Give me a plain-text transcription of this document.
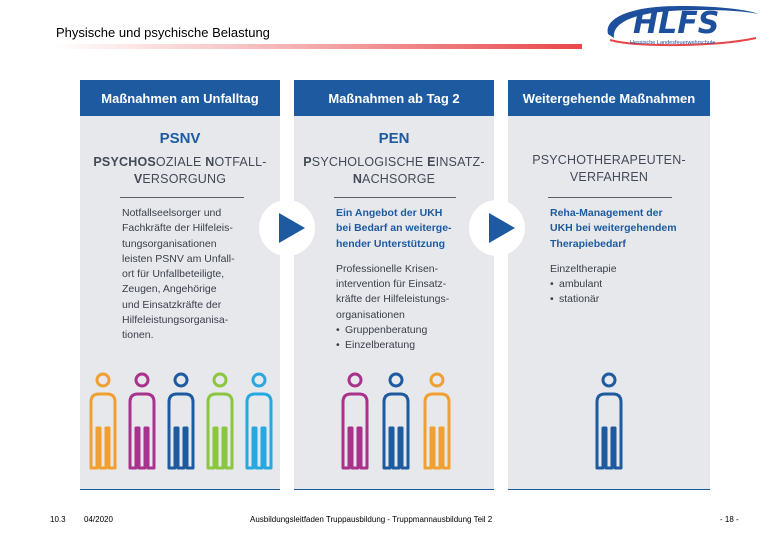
Physische und psychische Belastung	HLFS
Hessische Landesfeuerwehrschule
Maßnahmen am Unfalltag
PSNV
PSYCHOSOZIALE NOTFALL-
VERSORGUNG
Notfallseelsorger und
Fachkräfte der Hilfeleis-
tungsorganisationen
leisten PSNV am Unfall-
ort für Unfallbeteiligte,
Zeugen, Angehörige
und Einsatzkräfte der
Hilfeleistungsorganisa-
tionen.
Maßnahmen ab Tag 2
PEN
PSYCHOLOGISCHE EINSATZ-
NACHSORGE
Ein Angebot der UKH
bei Bedarf an weiterge-
hender Unterstützung
Professionelle Krisen-
intervention für Einsatz-
kräfte der Hilfeleistungs-
organisationen
• Gruppenberatung
• Einzelberatung
Weitergehende Maßnahmen
PSYCHOTHERAPEUTEN-
VERFAHREN
Reha-Management der
UKH bei weitergehendem
Therapiebedarf
Einzeltherapie
• ambulant
• stationär
10.3 04/2020	Ausbildungsleitfaden Truppausbildung - Truppmannausbildung Teil 2	- 18 -
